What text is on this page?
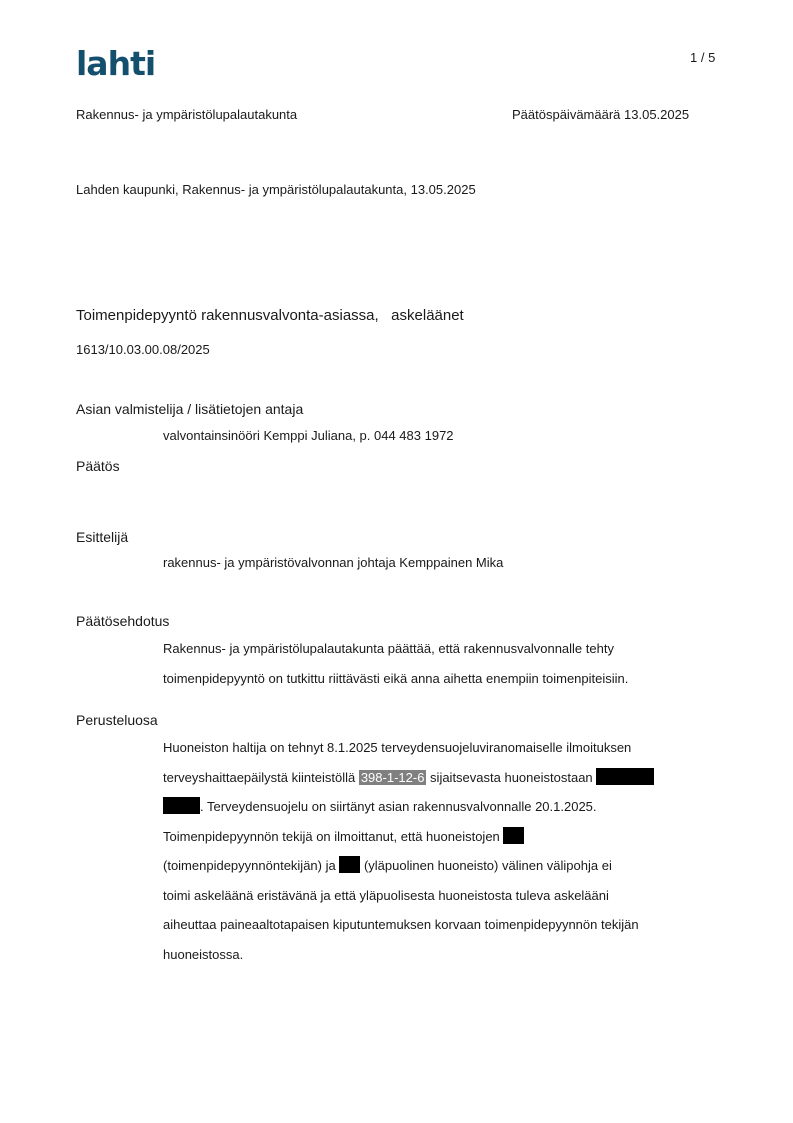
lahti	1 / 5
Rakennus- ja ympäristölupalautakunta	Päätöspäivämäärä 13.05.2025
Lahden kaupunki, Rakennus- ja ympäristölupalautakunta, 13.05.2025
Toimenpidepyyntö rakennusvalvonta-asiassa,   askeläänet
1613/10.03.00.08/2025
Asian valmistelija / lisätietojen antaja
valvontainsinööri Kemppi Juliana, p. 044 483 1972
Päätös
Esittelijä
rakennus- ja ympäristövalvonnan johtaja Kemppainen Mika
Päätösehdotus
Rakennus- ja ympäristölupalautakunta päättää, että rakennusvalvonnalle tehty
toimenpidepyyntö on tutkittu riittävästi eikä anna aihetta enempiin toimenpiteisiin.
Perusteluosa
Huoneiston haltija on tehnyt 8.1.2025 terveydensuojeluviranomaiselle ilmoituksen
terveyshaittaepäilystä kiinteistöllä 398-1-12-6 sijaitsevasta huoneistostaan
. Terveydensuojelu on siirtänyt asian rakennusvalvonnalle 20.1.2025.
Toimenpidepyynnön tekijä on ilmoittanut, että huoneistojen
(toimenpidepyynnöntekijän) ja  (yläpuolinen huoneisto) välinen välipohja ei
toimi askeläänä eristävänä ja että yläpuolisesta huoneistosta tuleva askelääni
aiheuttaa paineaaltotapaisen kiputuntemuksen korvaan toimenpidepyynnön tekijän
huoneistossa.
